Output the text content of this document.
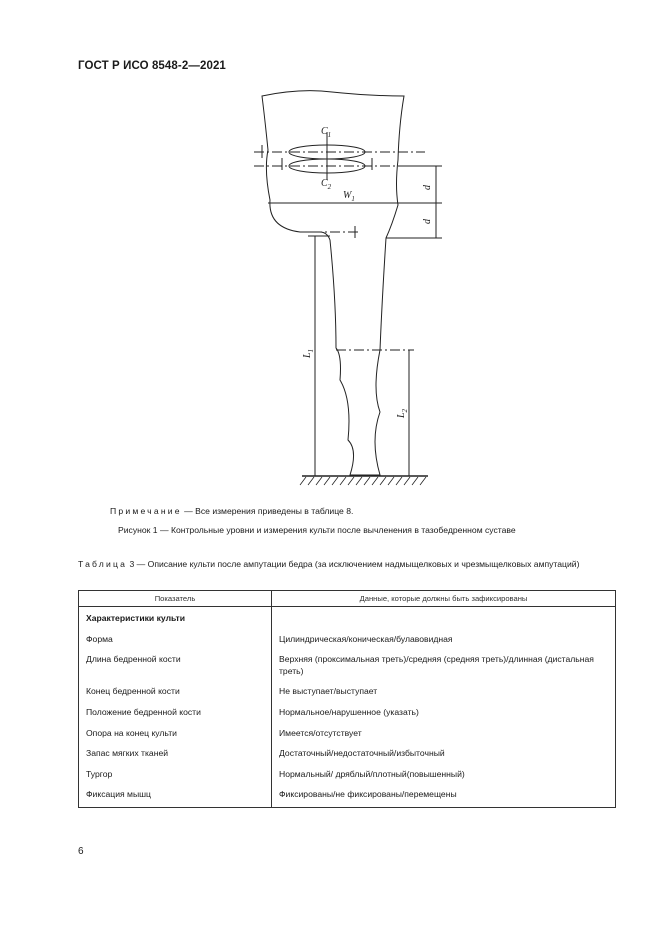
ГОСТ Р ИСО 8548-2—2021
$C_1$
$C_2$
$W_1$
d
d
$L_1$
$L_2$
Примечание — Все измерения приведены в таблице 8.
Рисунок 1 — Контрольные уровни и измерения культи после вычленения в тазобедренном суставе
Таблица 3 — Описание культи после ампутации бедра (за исключением надмыщелковых и чрезмыщелковых ампутаций)
Показатель	Данные, которые должны быть зафиксированы
Характеристики культи	
Форма	Цилиндрическая/коническая/булавовидная
Длина бедренной кости	Верхняя (проксимальная треть)/средняя (средняя треть)/длинная (дистальная треть)
Конец бедренной кости	Не выступает/выступает
Положение бедренной кости	Нормальное/нарушенное (указать)
Опора на конец культи	Имеется/отсутствует
Запас мягких тканей	Достаточный/недостаточный/избыточный
Тургор	Нормальный/ дряблый/плотный(повышенный)
Фиксация мышц	Фиксированы/не фиксированы/перемещены
6
